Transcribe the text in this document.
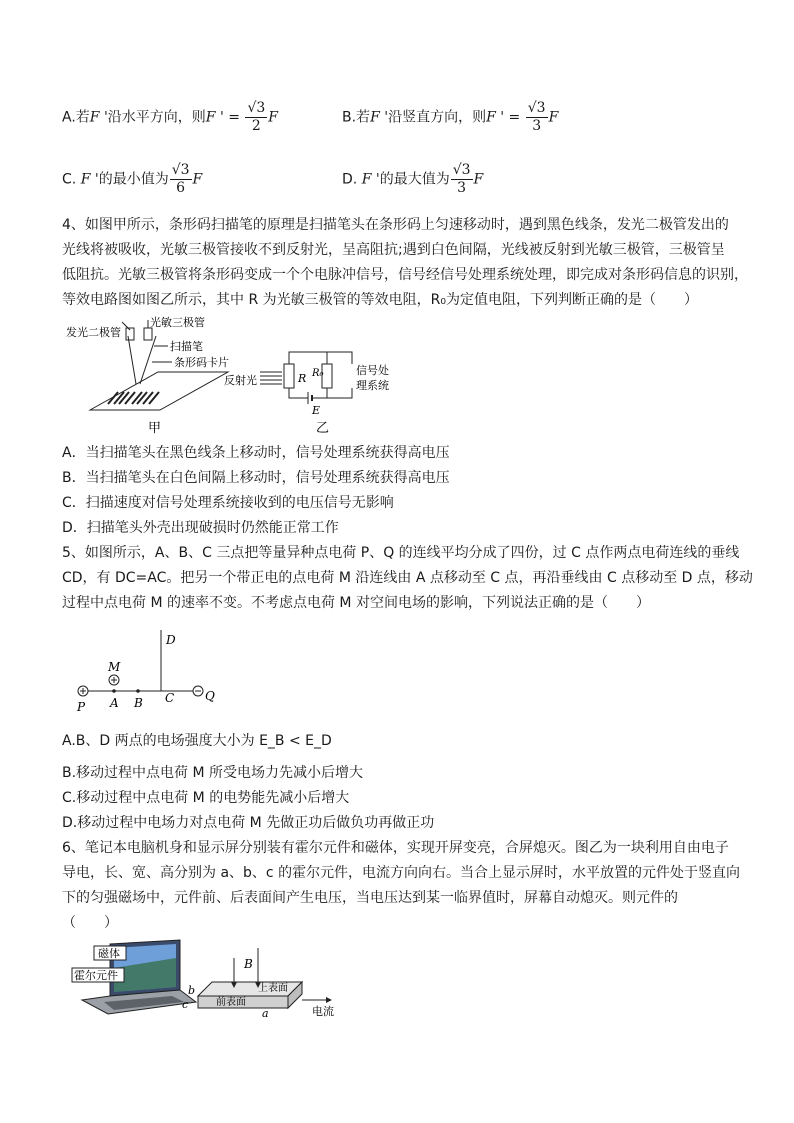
A.若F '沿水平方向，则F ' = $\frac{√3}{2}$ F	B.若F '沿竖直方向，则F ' = $\frac{√3}{3}$ F
C. F '的最小值为 $\frac{√3}{6}$ F	D. F '的最大值为 $\frac{√3}{3}$ F
4、如图甲所示，条形码扫描笔的原理是扫描笔头在条形码上匀速移动时，遇到黑色线条，发光二极管发出的
光线将被吸收，光敏三极管接收不到反射光，呈高阻抗;遇到白色间隔，光线被反射到光敏三极管，三极管呈
低阻抗。光敏三极管将条形码变成一个个电脉冲信号，信号经信号处理系统处理，即完成对条形码信息的识别，
等效电路图如图乙所示，其中 R 为光敏三极管的等效电阻，R₀为定值电阻，下列判断正确的是（　　）
发光二极管
光敏三极管
扫描笔
条形码卡片
甲
反射光	R R₀
E
信号处
理系统
乙
A．当扫描笔头在黑色线条上移动时，信号处理系统获得高电压
B．当扫描笔头在白色间隔上移动时，信号处理系统获得高电压
C．扫描速度对信号处理系统接收到的电压信号无影响
D．扫描笔头外壳出现破损时仍然能正常工作
5、如图所示，A、B、C 三点把等量异种点电荷 P、Q 的连线平均分成了四份，过 C 点作两点电荷连线的垂线
CD，有 DC=AC。把另一个带正电的点电荷 M 沿连线由 A 点移动至 C 点，再沿垂线由 C 点移动至 D 点，移动
过程中点电荷 M 的速率不变。不考虑点电荷 M 对空间电场的影响，下列说法正确的是（　　）
D
M
P A B C	Q
A.B、D 两点的电场强度大小为 E_B < E_D
B.移动过程中点电荷 M 所受电场力先减小后增大
C.移动过程中点电荷 M 的电势能先减小后增大
D.移动过程中电场力对点电荷 M 先做正功后做负功再做正功
6、笔记本电脑机身和显示屏分别装有霍尔元件和磁体，实现开屏变亮，合屏熄灭。图乙为一块利用自由电子
导电，长、宽、高分别为 a、b、c 的霍尔元件，电流方向向右。当合上显示屏时，水平放置的元件处于竖直向
下的匀强磁场中，元件前、后表面间产生电压，当电压达到某一临界值时，屏幕自动熄灭。则元件的
（　　）
磁体
霍尔元件
B
上表面
前表面
电流
a
b
c
